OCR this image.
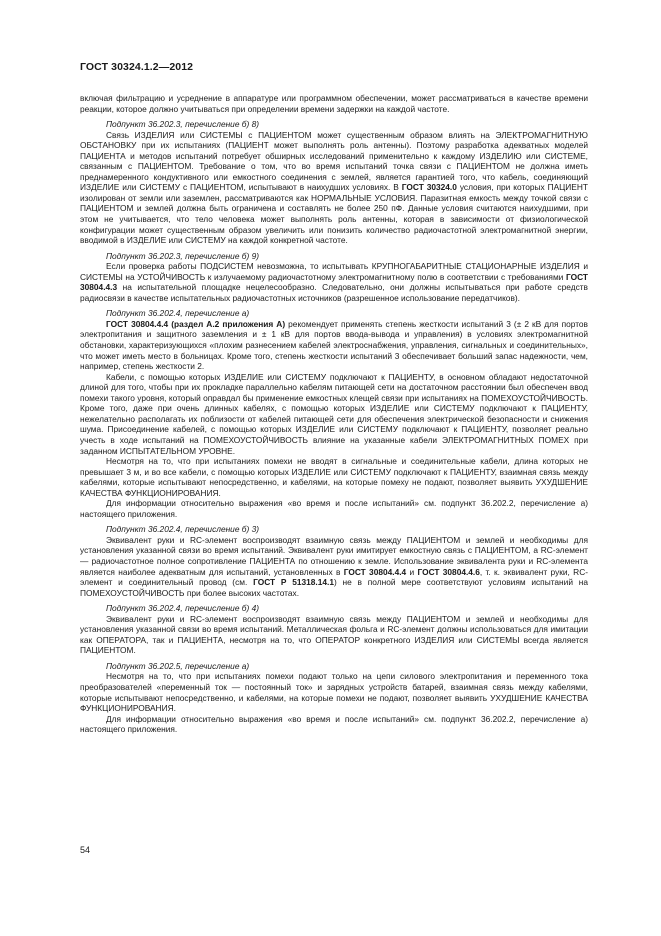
ГОСТ 30324.1.2—2012

включая фильтрацию и усреднение в аппаратуре или программном обеспечении, может рассматриваться в качестве времени реакции, которое должно учитываться при определении времени задержки на каждой частоте.

Подпункт 36.202.3, перечисление б) 8)

Связь ИЗДЕЛИЯ или СИСТЕМЫ с ПАЦИЕНТОМ может существенным образом влиять на ЭЛЕКТРОМАГНИТНУЮ ОБСТАНОВКУ при их испытаниях (ПАЦИЕНТ может выполнять роль антенны). Поэтому разработка адекватных моделей ПАЦИЕНТА и методов испытаний потребует обширных исследований применительно к каждому ИЗДЕЛИЮ или СИСТЕМЕ, связанным с ПАЦИЕНТОМ. Требование о том, что во время испытаний точка связи с ПАЦИЕНТОМ не должна иметь преднамеренного кондуктивного или емкостного соединения с землей, является гарантией того, что кабель, соединяющий ИЗДЕЛИЕ или СИСТЕМУ с ПАЦИЕНТОМ, испытывают в наихудших условиях. В ГОСТ 30324.0 условия, при которых ПАЦИЕНТ изолирован от земли или заземлен, рассматриваются как НОРМАЛЬНЫЕ УСЛОВИЯ. Паразитная емкость между точкой связи с ПАЦИЕНТОМ и землей должна быть ограничена и составлять не более 250 пФ. Данные условия считаются наихудшими, при этом не учитывается, что тело человека может выполнять роль антенны, которая в зависимости от физиологической конфигурации может существенным образом увеличить или понизить количество радиочастотной электромагнитной энергии, вводимой в ИЗДЕЛИЕ или СИСТЕМУ на каждой конкретной частоте.

Подпункт 36.202.3, перечисление б) 9)

Если проверка работы ПОДСИСТЕМ невозможна, то испытывать КРУПНОГАБАРИТНЫЕ СТАЦИОНАРНЫЕ ИЗДЕЛИЯ и СИСТЕМЫ на УСТОЙЧИВОСТЬ к излучаемому радиочастотному электромагнитному полю в соответствии с требованиями ГОСТ 30804.4.3 на испытательной площадке нецелесообразно. Следовательно, они должны испытываться при работе средств радиосвязи в качестве испытательных радиочастотных источников (разрешенное использование передатчиков).

Подпункт 36.202.4, перечисление а)

ГОСТ 30804.4.4 (раздел А.2 приложения А) рекомендует применять степень жесткости испытаний 3 (± 2 кВ для портов электропитания и защитного заземления и ± 1 кВ для портов ввода-вывода и управления) в условиях электромагнитной обстановки, характеризующихся «плохим разнесением кабелей электроснабжения, управления, сигнальных и соединительных», что может иметь место в больницах. Кроме того, степень жесткости испытаний 3 обеспечивает больший запас надежности, чем, например, степень жесткости 2.

Кабели, с помощью которых ИЗДЕЛИЕ или СИСТЕМУ подключают к ПАЦИЕНТУ, в основном обладают недостаточной длиной для того, чтобы при их прокладке параллельно кабелям питающей сети на достаточном расстоянии был обеспечен ввод помехи такого уровня, который оправдал бы применение емкостных клещей связи при испытаниях на ПОМЕХОУСТОЙЧИВОСТЬ. Кроме того, даже при очень длинных кабелях, с помощью которых ИЗДЕЛИЕ или СИСТЕМУ подключают к ПАЦИЕНТУ, нежелательно располагать их поблизости от кабелей питающей сети для обеспечения электрической безопасности и снижения шума. Присоединение кабелей, с помощью которых ИЗДЕЛИЕ или СИСТЕМУ подключают к ПАЦИЕНТУ, позволяет реально учесть в ходе испытаний на ПОМЕХОУСТОЙЧИВОСТЬ влияние на указанные кабели ЭЛЕКТРОМАГНИТНЫХ ПОМЕХ при заданном ИСПЫТАТЕЛЬНОМ УРОВНЕ.

Несмотря на то, что при испытаниях помехи не вводят в сигнальные и соединительные кабели, длина которых не превышает 3 м, и во все кабели, с помощью которых ИЗДЕЛИЕ или СИСТЕМУ подключают к ПАЦИЕНТУ, взаимная связь между кабелями, которые испытывают непосредственно, и кабелями, на которые помеху не подают, позволяет выявить УХУДШЕНИЕ КАЧЕСТВА ФУНКЦИОНИРОВАНИЯ.

Для информации относительно выражения «во время и после испытаний» см. подпункт 36.202.2, перечисление а) настоящего приложения.

Подпункт 36.202.4, перечисление б) 3)

Эквивалент руки и RC-элемент воспроизводят взаимную связь между ПАЦИЕНТОМ и землей и необходимы для установления указанной связи во время испытаний. Эквивалент руки имитирует емкостную связь с ПАЦИЕНТОМ, а RC-элемент — радиочастотное полное сопротивление ПАЦИЕНТА по отношению к земле. Использование эквивалента руки и RC-элемента является наиболее адекватным для испытаний, установленных в ГОСТ 30804.4.4 и ГОСТ 30804.4.6, т. к. эквивалент руки, RC-элемент и соединительный провод (см. ГОСТ Р 51318.14.1) не в полной мере соответствуют условиям испытаний на ПОМЕХОУСТОЙЧИВОСТЬ при более высоких частотах.

Подпункт 36.202.4, перечисление б) 4)

Эквивалент руки и RC-элемент воспроизводят взаимную связь между ПАЦИЕНТОМ и землей и необходимы для установления указанной связи во время испытаний. Металлическая фольга и RC-элемент должны использоваться для имитации как ОПЕРАТОРА, так и ПАЦИЕНТА, несмотря на то, что ОПЕРАТОР конкретного ИЗДЕЛИЯ или СИСТЕМЫ всегда является ПАЦИЕНТОМ.

Подпункт 36.202.5, перечисление а)

Несмотря на то, что при испытаниях помехи подают только на цепи силового электропитания и переменного тока преобразователей «переменный ток — постоянный ток» и зарядных устройств батарей, взаимная связь между кабелями, которые испытывают непосредственно, и кабелями, на которые помехи не подают, позволяет выявить УХУДШЕНИЕ КАЧЕСТВА ФУНКЦИОНИРОВАНИЯ.

Для информации относительно выражения «во время и после испытаний» см. подпункт 36.202.2, перечисление а) настоящего приложения.

54
